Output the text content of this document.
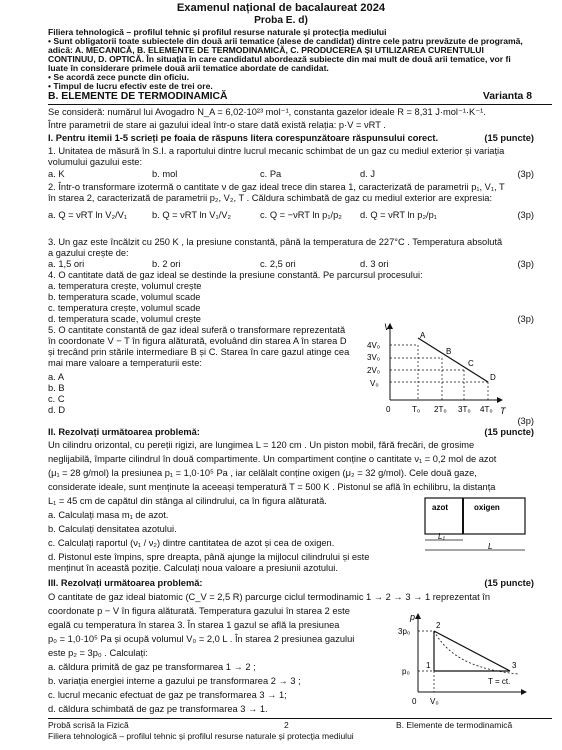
Examenul național de bacalaureat 2024
Proba E. d)
Filiera tehnologică – profilul tehnic și profilul resurse naturale și protecția mediului
• Sunt obligatorii toate subiectele din două arii tematice (alese de candidat) dintre cele patru prevăzute de programă,
adică: A. MECANICĂ, B. ELEMENTE DE TERMODINAMICĂ, C. PRODUCEREA ȘI UTILIZAREA CURENTULUI
CONTINUU, D. OPTICĂ. În situația în care candidatul abordează subiecte din mai mult de două arii tematice, vor fi
luate în considerare primele două arii tematice abordate de candidat.
• Se acordă zece puncte din oficiu.
• Timpul de lucru efectiv este de trei ore.
B. ELEMENTE DE TERMODINAMICĂ	Varianta 8
Se consideră: numărul lui Avogadro N_A = 6,02·10²³ mol⁻¹, constanta gazelor ideale R = 8,31 J·mol⁻¹·K⁻¹.
Între parametrii de stare ai gazului ideal într-o stare dată există relația: p·V = νRT .
I. Pentru itemii 1-5 scrieți pe foaia de răspuns litera corespunzătoare răspunsului corect.	(15 puncte)
1. Unitatea de măsură în S.I. a raportului dintre lucrul mecanic schimbat de un gaz cu mediul exterior și variația
volumului gazului este:
a. K	b. mol	c. Pa	d. J	(3p)
2. Într-o transformare izotermă o cantitate ν de gaz ideal trece din starea 1, caracterizată de parametrii p₁, V₁, T
în starea 2, caracterizată de parametrii p₂, V₂, T . Căldura schimbată de gaz cu mediul exterior are expresia:
a. Q = νRT ln V₂/V₁	b. Q = νRT ln V₁/V₂	c. Q = −νRT ln p₁/p₂ d. Q = νRT ln p₂/p₁	(3p)
3. Un gaz este încălzit cu 250 K , la presiune constantă, până la temperatura de 227°C . Temperatura absolută
a gazului crește de:
a. 1,5 ori	b. 2 ori	c. 2,5 ori	d. 3 ori	(3p)
4. O cantitate dată de gaz ideal se destinde la presiune constantă. Pe parcursul procesului:
a. temperatura crește, volumul crește
b. temperatura scade, volumul scade
c. temperatura crește, volumul scade
d. temperatura scade, volumul crește	(3p)
5. O cantitate constantă de gaz ideal suferă o transformare reprezentată
în coordonate V − T în figura alăturată, evoluând din starea A în starea D
și trecând prin stările intermediare B și C. Starea în care gazul atinge cea
mai mare valoare a temperaturii este:
a. A
b. B
c. C
d. D
(3p)
V
T
4V₀
3V₀
2V₀
V₀
0	T₀ 2T₀ 3T₀ 4T₀
A
B
C
D
II. Rezolvați următoarea problemă:	(15 puncte)
Un cilindru orizontal, cu pereții rigizi, are lungimea L = 120 cm . Un piston mobil, fără frecări, de grosime
neglijabilă, împarte cilindrul în două compartimente. Un compartiment conține o cantitate ν₁ = 0,2 mol de azot
(μ₁ = 28 g/mol) la presiunea p₁ = 1,0·10⁵ Pa , iar celălalt conține oxigen (μ₂ = 32 g/mol). Cele două gaze,
considerate ideale, sunt menținute la aceeași temperatură T = 500 K . Pistonul se află în echilibru, la distanța
L₁ = 45 cm de capătul din stânga al cilindrului, ca în figura alăturată.
a. Calculați masa m₁ de azot.
b. Calculați densitatea azotului.
c. Calculați raportul (ν₁ / ν₂) dintre cantitatea de azot și cea de oxigen.
d. Pistonul este împins, spre dreapta, până ajunge la mijlocul cilindrului și este
menținut în această poziție. Calculați noua valoare a presiunii azotului.
azot	oxigen
L₁
L
III. Rezolvați următoarea problemă:	(15 puncte)
O cantitate de gaz ideal biatomic (C_V = 2,5 R) parcurge ciclul termodinamic 1 → 2 → 3 → 1 reprezentat în
coordonate p − V în figura alăturată. Temperatura gazului în starea 2 este
egală cu temperatura în starea 3. În starea 1 gazul se află la presiunea
p₀ = 1,0·10⁵ Pa și ocupă volumul V₀ = 2,0 L . În starea 2 presiunea gazului
este p₂ = 3p₀ . Calculați:
a. căldura primită de gaz pe transformarea 1 → 2 ;
b. variația energiei interne a gazului pe transformarea 2 → 3 ;
c. lucrul mecanic efectuat de gaz pe transformarea 3 → 1;
d. căldura schimbată de gaz pe transformarea 3 → 1.
p
3p₀
p₀
0 V₀
2
1	3
T = ct.
Probă scrisă la Fizică	2	B. Elemente de termodinamică
Filiera tehnologică – profilul tehnic și profilul resurse naturale și protecția mediului
